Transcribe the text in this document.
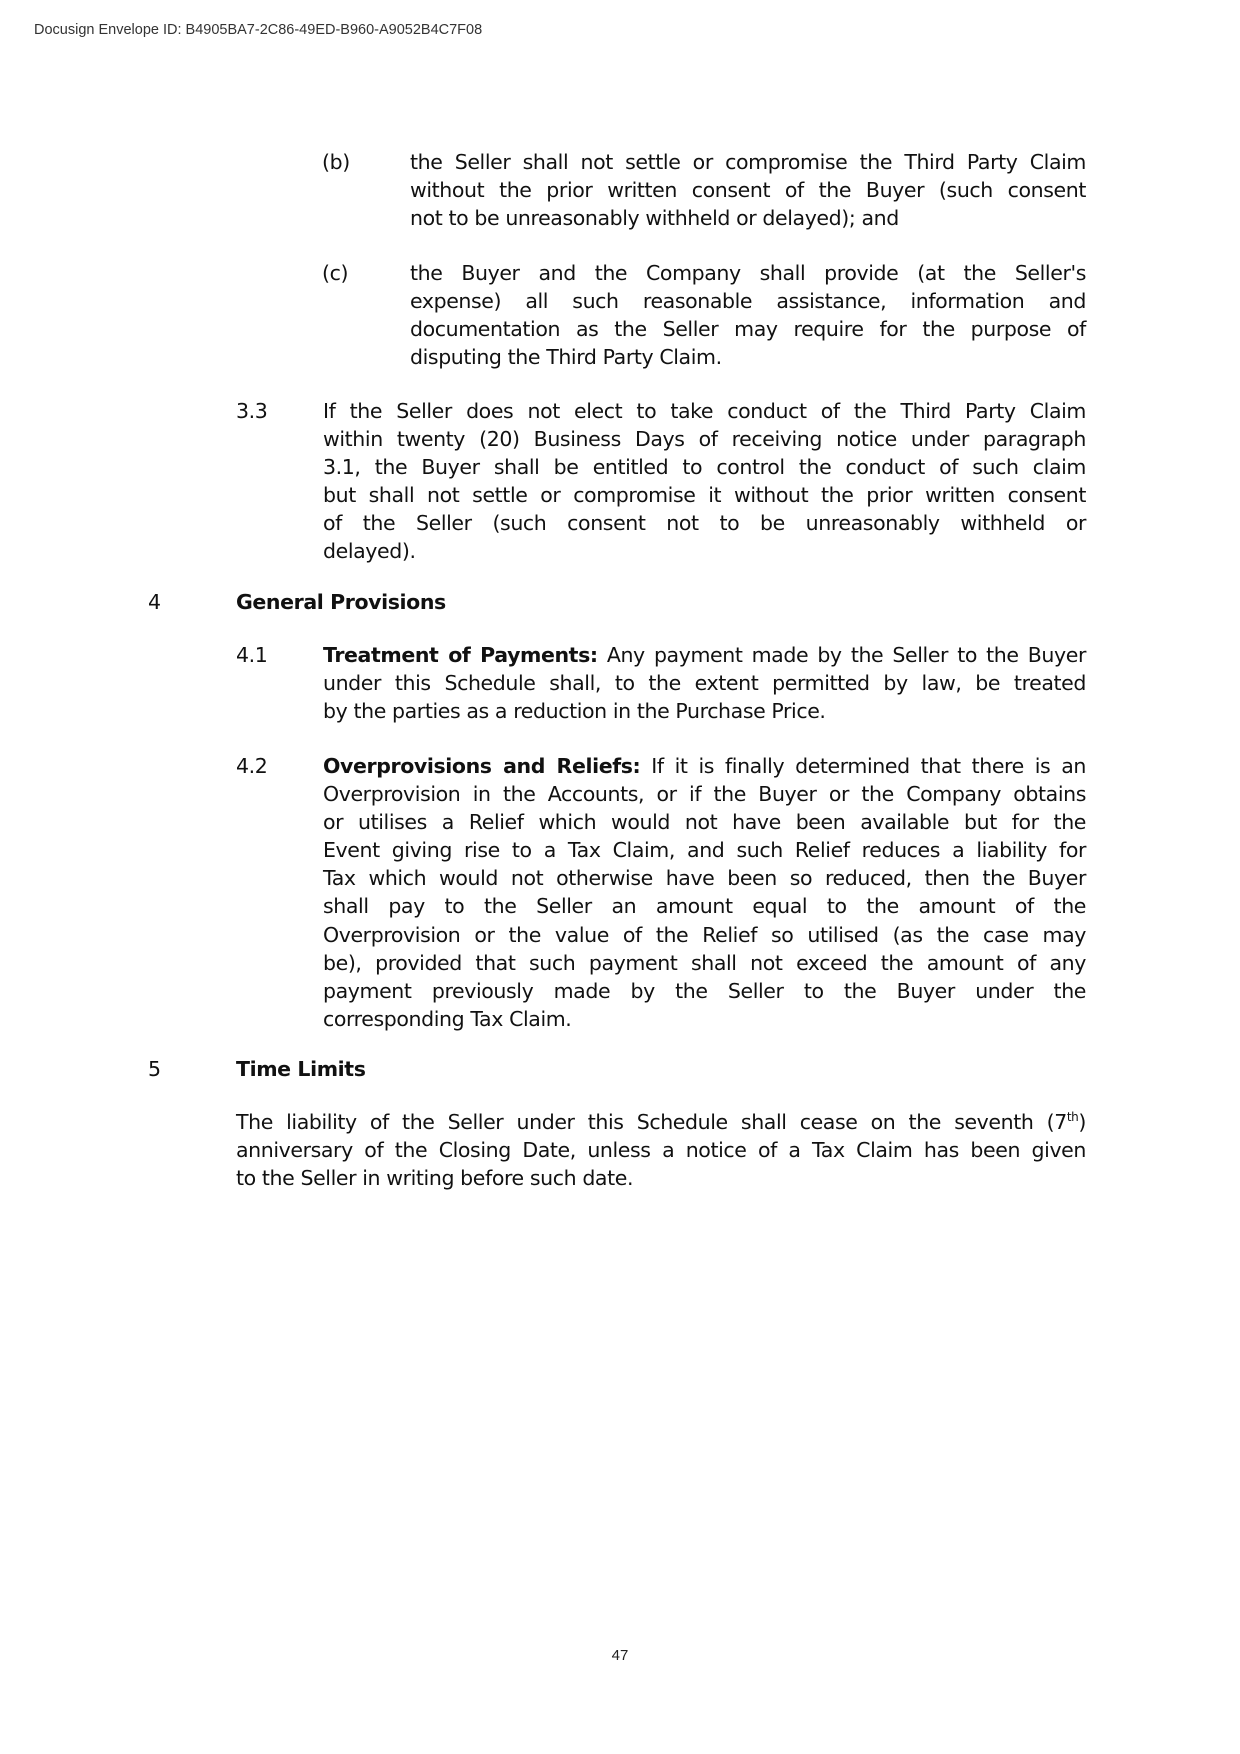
Docusign Envelope ID: B4905BA7-2C86-49ED-B960-A9052B4C7F08
(b)	the Seller shall not settle or compromise the Third Party Claim
without the prior written consent of the Buyer (such consent
not to be unreasonably withheld or delayed); and
(c)	the Buyer and the Company shall provide (at the Seller's
expense) all such reasonable assistance, information and
documentation as the Seller may require for the purpose of
disputing the Third Party Claim.
3.3	If the Seller does not elect to take conduct of the Third Party Claim
within twenty (20) Business Days of receiving notice under paragraph
3.1, the Buyer shall be entitled to control the conduct of such claim
but shall not settle or compromise it without the prior written consent
of the Seller (such consent not to be unreasonably withheld or
delayed).
4	General Provisions
4.1	Treatment of Payments: Any payment made by the Seller to the Buyer
under this Schedule shall, to the extent permitted by law, be treated
by the parties as a reduction in the Purchase Price.
4.2	Overprovisions and Reliefs: If it is finally determined that there is an
Overprovision in the Accounts, or if the Buyer or the Company obtains
or utilises a Relief which would not have been available but for the
Event giving rise to a Tax Claim, and such Relief reduces a liability for
Tax which would not otherwise have been so reduced, then the Buyer
shall pay to the Seller an amount equal to the amount of the
Overprovision or the value of the Relief so utilised (as the case may
be), provided that such payment shall not exceed the amount of any
payment previously made by the Seller to the Buyer under the
corresponding Tax Claim.
5	Time Limits
The liability of the Seller under this Schedule shall cease on the seventh (7th)
anniversary of the Closing Date, unless a notice of a Tax Claim has been given
to the Seller in writing before such date.
47
